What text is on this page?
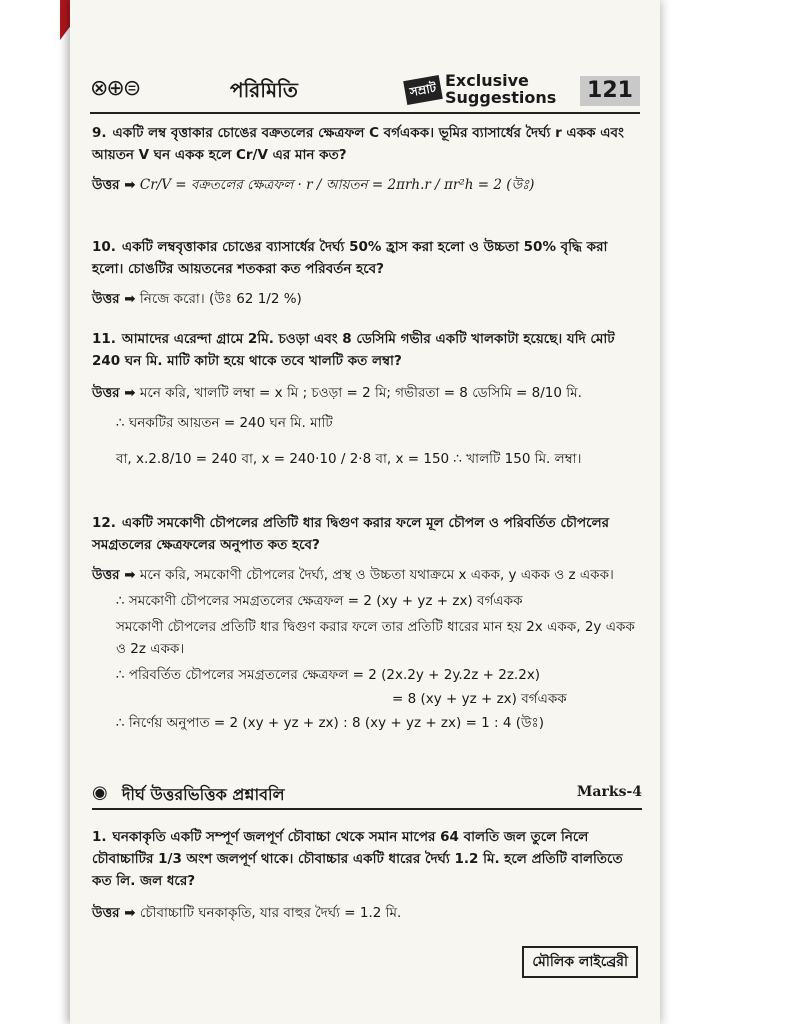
⊗⊕⊜	পরিমিতি	সম্রাট Exclusive
Suggestions	121
9. একটি লম্ব বৃত্তাকার চোঙের বক্রতলের ক্ষেত্রফল C বর্গএকক। ভূমির ব্যাসার্ধের দৈর্ঘ্য r একক এবং আয়তন V ঘন একক হলে Cr/V এর মান কত?
উত্তর ➡ Cr/V = বক্রতলের ক্ষেত্রফল · r / আয়তন = 2πrh.r / πr²h = 2 (উঃ)
10. একটি লম্ববৃত্তাকার চোঙের ব্যাসার্ধের দৈর্ঘ্য 50% হ্রাস করা হলো ও উচ্চতা 50% বৃদ্ধি করা হলো। চোঙটির আয়তনের শতকরা কত পরিবর্তন হবে?
উত্তর ➡ নিজে করো। (উঃ 62 1/2 %)
11. আমাদের এরেন্দা গ্রামে 2মি. চওড়া এবং 8 ডেসিমি গভীর একটি খালকাটা হয়েছে। যদি মোট 240 ঘন মি. মাটি কাটা হয়ে থাকে তবে খালটি কত লম্বা?
উত্তর ➡ মনে করি, খালটি লম্বা = x মি ; চওড়া = 2 মি; গভীরতা = 8 ডেসিমি = 8/10 মি.
∴ ঘনকটির আয়তন = 240 ঘন মি. মাটি
বা, x.2.8/10 = 240 বা, x = 240·10 / 2·8 বা, x = 150 ∴ খালটি 150 মি. লম্বা।
12. একটি সমকোণী চৌপলের প্রতিটি ধার দ্বিগুণ করার ফলে মূল চৌপল ও পরিবর্তিত চৌপলের সমগ্রতলের ক্ষেত্রফলের অনুপাত কত হবে?
উত্তর ➡ মনে করি, সমকোণী চৌপলের দৈর্ঘ্য, প্রস্থ ও উচ্চতা যথাক্রমে x একক, y একক ও z একক।
∴ সমকোণী চৌপলের সমগ্রতলের ক্ষেত্রফল = 2 (xy + yz + zx) বর্গএকক
সমকোণী চৌপলের প্রতিটি ধার দ্বিগুণ করার ফলে তার প্রতিটি ধারের মান হয় 2x একক, 2y একক ও 2z একক।
∴ পরিবর্তিত চৌপলের সমগ্রতলের ক্ষেত্রফল = 2 (2x.2y + 2y.2z + 2z.2x)
= 8 (xy + yz + zx) বর্গএকক
∴ নির্ণেয় অনুপাত = 2 (xy + yz + zx) : 8 (xy + yz + zx) = 1 : 4 (উঃ)
◉ দীর্ঘ উত্তরভিত্তিক প্রশ্নাবলি	Marks-4
1. ঘনকাকৃতি একটি সম্পূর্ণ জলপূর্ণ চৌবাচ্চা থেকে সমান মাপের 64 বালতি জল তুলে নিলে চৌবাচ্চাটির 1/3 অংশ জলপূর্ণ থাকে। চৌবাচ্চার একটি ধারের দৈর্ঘ্য 1.2 মি. হলে প্রতিটি বালতিতে কত লি. জল ধরে?
উত্তর ➡ চৌবাচ্চাটি ঘনকাকৃতি, যার বাহুর দৈর্ঘ্য = 1.2 মি.
মৌলিক লাইব্রেরী
